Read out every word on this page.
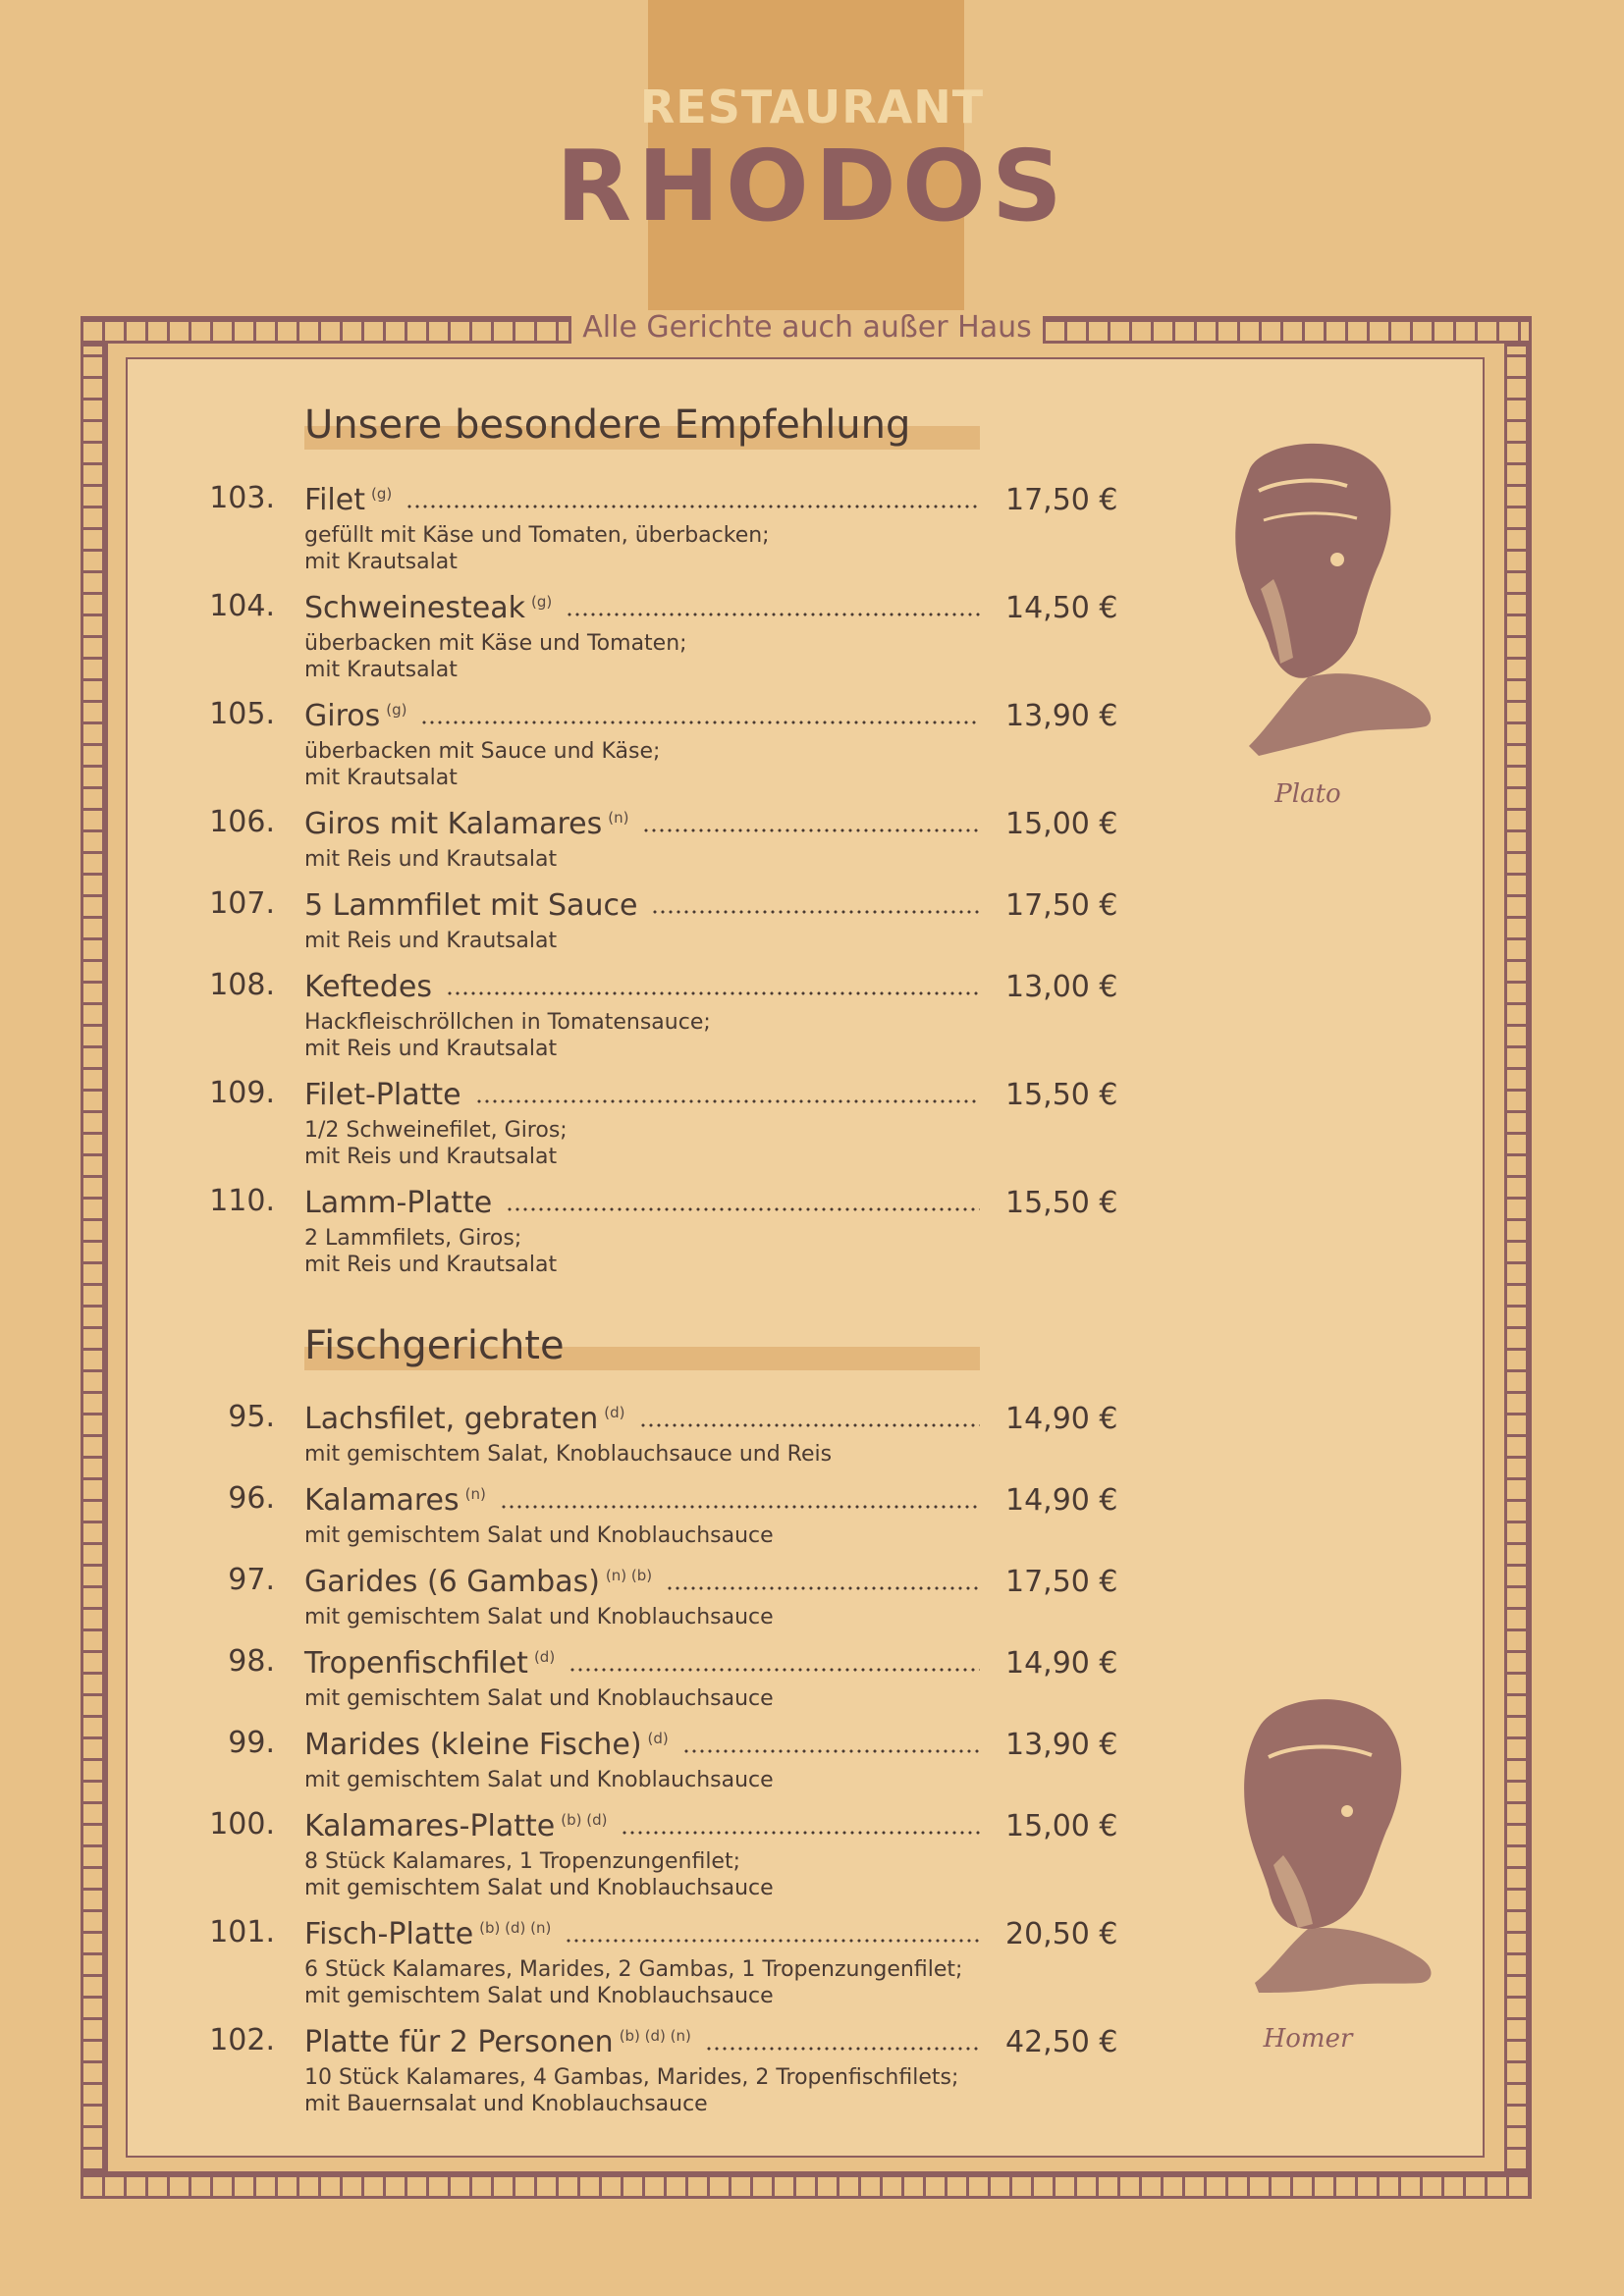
RESTAURANT
RHODOS
Alle Gerichte auch außer Haus
Unsere besondere Empfehlung
103. Filet $^{(g)}$	17,50 €
gefüllt mit Käse und Tomaten, überbacken;
mit Krautsalat
104. Schweinesteak $^{(g)}$	14,50 €
überbacken mit Käse und Tomaten;
mit Krautsalat
105. Giros $^{(g)}$	13,90 €
überbacken mit Sauce und Käse;
mit Krautsalat
106. Giros mit Kalamares $^{(n)}$	15,00 €
mit Reis und Krautsalat
107. 5 Lammfilet mit Sauce	17,50 €
mit Reis und Krautsalat
108. Keftedes	13,00 €
Hackfleischröllchen in Tomatensauce;
mit Reis und Krautsalat
109. Filet-Platte	15,50 €
1/2 Schweinefilet, Giros;
mit Reis und Krautsalat
110. Lamm-Platte	15,50 €
2 Lammfilets, Giros;
mit Reis und Krautsalat
Fischgerichte
95. Lachsfilet, gebraten $^{(d)}$	14,90 €
mit gemischtem Salat, Knoblauchsauce und Reis
96. Kalamares $^{(n)}$	14,90 €
mit gemischtem Salat und Knoblauchsauce
97. Garides (6 Gambas) $^{(n) (b)}$	17,50 €
mit gemischtem Salat und Knoblauchsauce
98. Tropenfischfilet $^{(d)}$	14,90 €
mit gemischtem Salat und Knoblauchsauce
99. Marides (kleine Fische) $^{(d)}$	13,90 €
mit gemischtem Salat und Knoblauchsauce
100. Kalamares-Platte $^{(b) (d)}$	15,00 €
8 Stück Kalamares, 1 Tropenzungenfilet;
mit gemischtem Salat und Knoblauchsauce
101. Fisch-Platte $^{(b) (d) (n)}$	20,50 €
6 Stück Kalamares, Marides, 2 Gambas, 1 Tropenzungenfilet;
mit gemischtem Salat und Knoblauchsauce
102. Platte für 2 Personen $^{(b) (d) (n)}$	42,50 €
10 Stück Kalamares, 4 Gambas, Marides, 2 Tropenfischfilets;
mit Bauernsalat und Knoblauchsauce
Plato
Homer
